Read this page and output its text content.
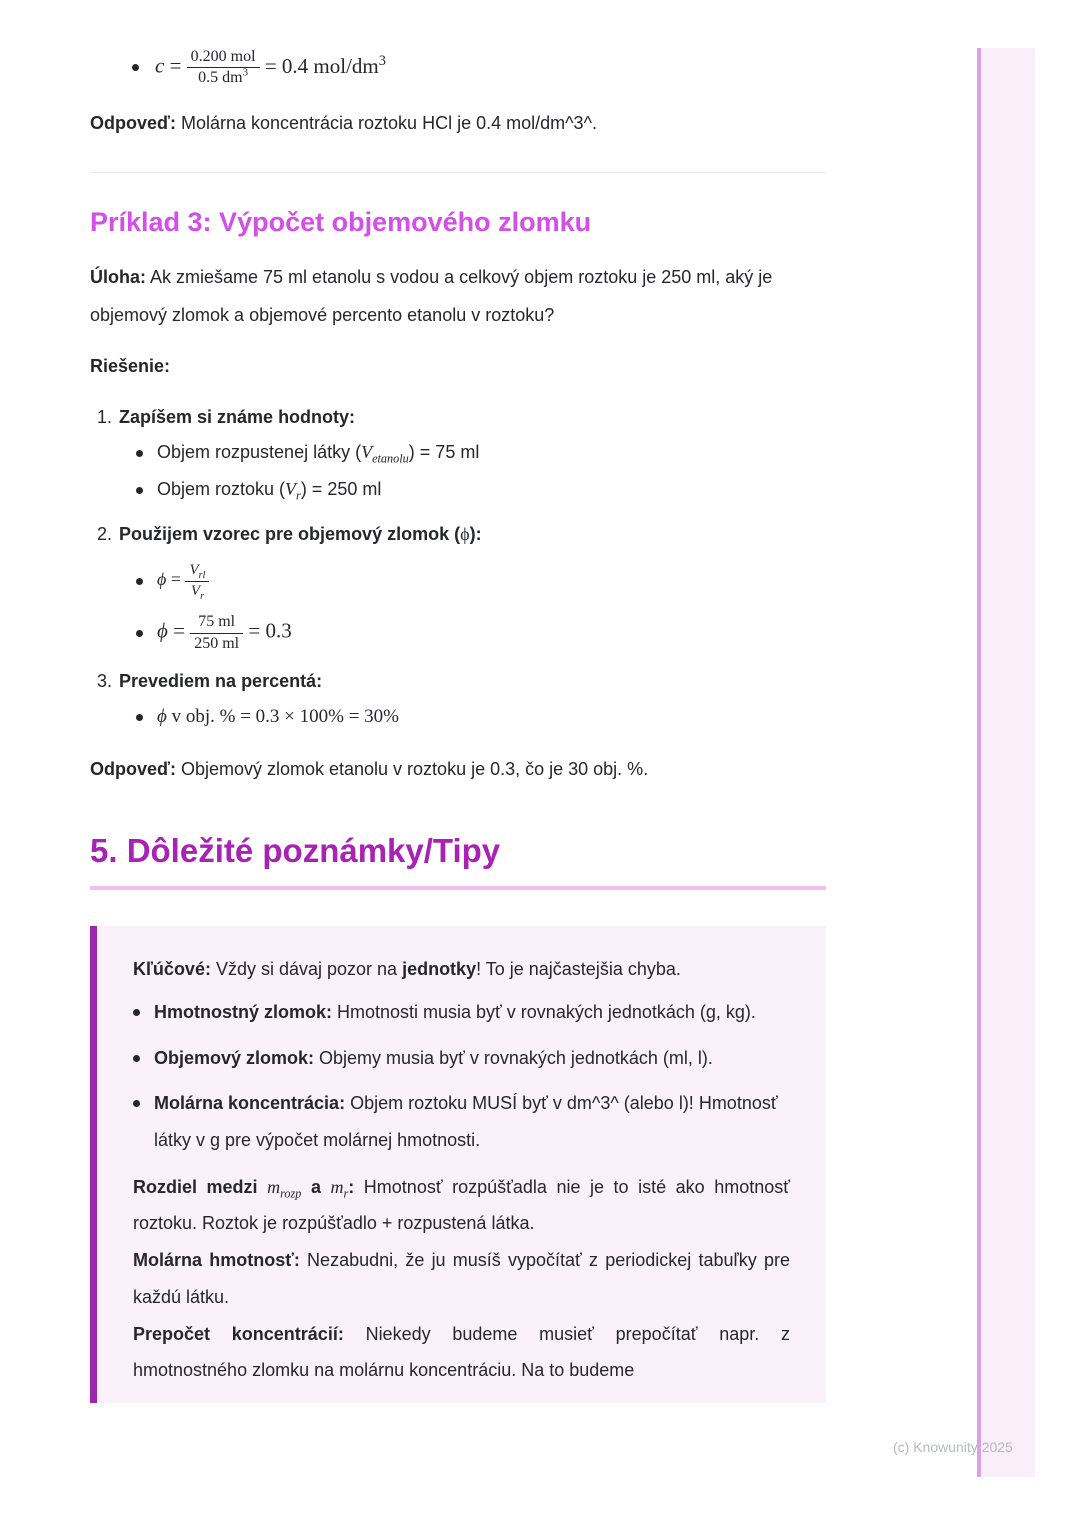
$c = \frac{\text{0.200 mol}}{0.5 dm^3} = 0.4$ mol/$dm^3$

Odpoveď: Molárna koncentrácia roztoku HCl je 0.4 mol/dm^3^.

Príklad 3: Výpočet objemového zlomku

Úloha: Ak zmiešame 75 ml etanolu s vodou a celkový objem roztoku je 250 ml, aký je objemový zlomok a objemové percento etanolu v roztoku?

Riešenie:

1. Zapíšem si známe hodnoty:
Objem rozpustenej látky $(V_{etanolu}) = 75$ ml
Objem roztoku $(V_r) = 250$ ml
2. Použijem vzorec pre objemový zlomok (ϕ):
$\phi = \frac{V_{rl}}{V_r}$
$\phi = \frac{75 ml}{250 ml} = 0.3$
3. Prevediem na percentá:
ϕ v obj. % = 0.3 × 100% = 30%

Odpoveď: Objemový zlomok etanolu v roztoku je 0.3, čo je 30 obj. %.

5. Dôležité poznámky/Tipy

Kľúčové: Vždy si dávaj pozor na jednotky! To je najčastejšia chyba.

Hmotnostný zlomok: Hmotnosti musia byť v rovnakých jednotkách (g, kg).
Objemový zlomok: Objemy musia byť v rovnakých jednotkách (ml, l).
Molárna koncentrácia: Objem roztoku MUSÍ byť v dm^3^ (alebo l)! Hmotnosť látky v g pre výpočet molárnej hmotnosti.

Rozdiel medzi $m_{rozp}$ a $m_r$: Hmotnosť rozpúšťadla nie je to isté ako hmotnosť roztoku. Roztok je rozpúšťadlo + rozpustená látka.

Molárna hmotnosť: Nezabudni, že ju musíš vypočítať z periodickej tabuľky pre každú látku.

Prepočet koncentrácií: Niekedy budeme musieť prepočítať napr. z hmotnostného zlomku na molárnu koncentráciu. Na to budeme

(c) Knowunity 2025
